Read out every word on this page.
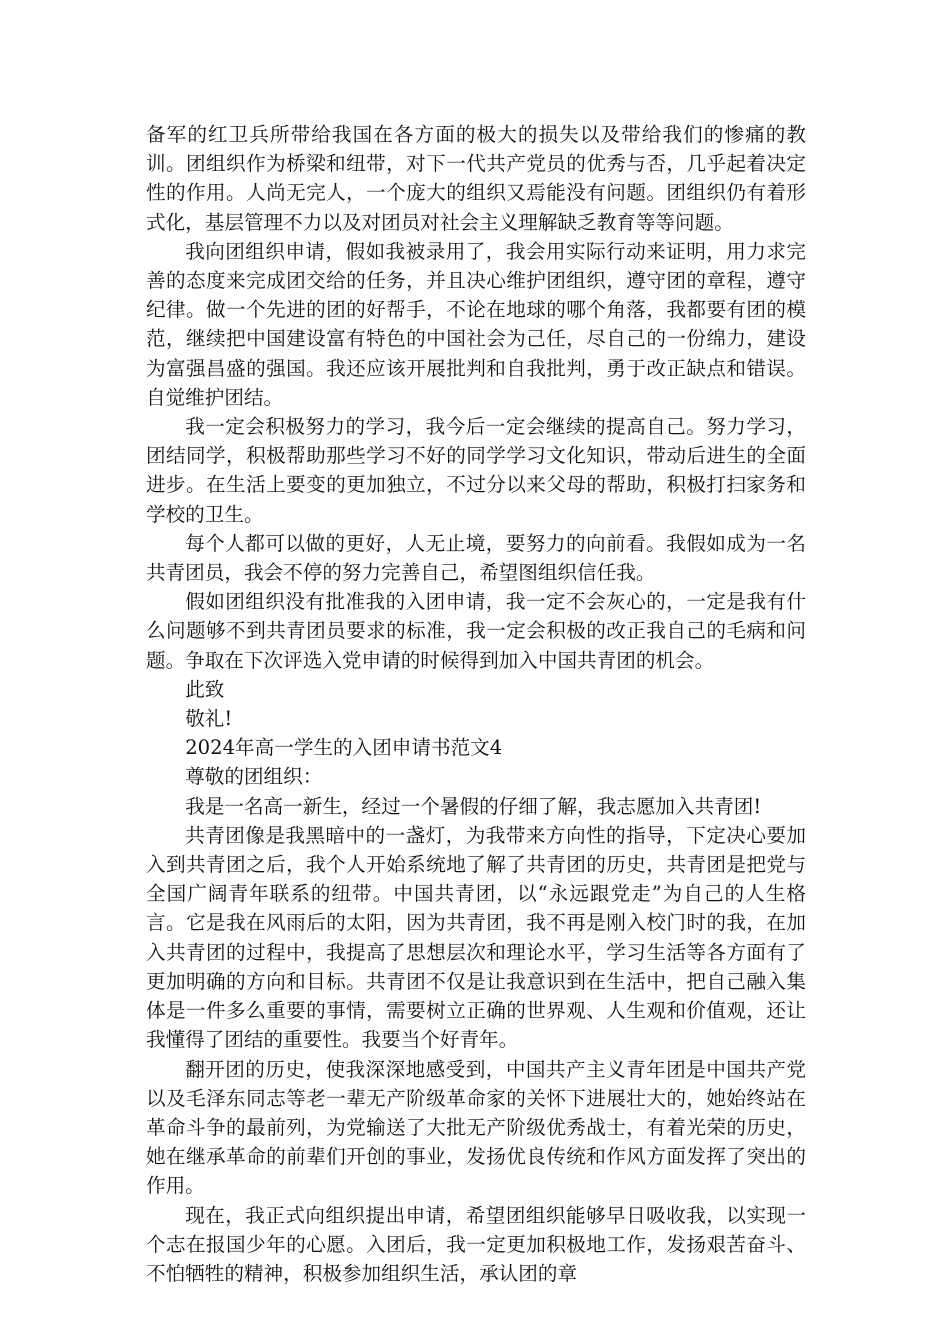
备军的红卫兵所带给我国在各方面的极大的损失以及带给我们的惨痛的教训。团组织作为桥梁和纽带，对下一代共产党员的优秀与否，几乎起着决定性的作用。人尚无完人，一个庞大的组织又焉能没有问题。团组织仍有着形式化，基层管理不力以及对团员对社会主义理解缺乏教育等等问题。

我向团组织申请，假如我被录用了，我会用实际行动来证明，用力求完善的态度来完成团交给的任务，并且决心维护团组织，遵守团的章程，遵守纪律。做一个先进的团的好帮手，不论在地球的哪个角落，我都要有团的模范，继续把中国建设富有特色的中国社会为己任，尽自己的一份绵力，建设为富强昌盛的强国。我还应该开展批判和自我批判，勇于改正缺点和错误。自觉维护团结。

我一定会积极努力的学习，我今后一定会继续的提高自己。努力学习，团结同学，积极帮助那些学习不好的同学学习文化知识，带动后进生的全面进步。在生活上要变的更加独立，不过分以来父母的帮助，积极打扫家务和学校的卫生。

每个人都可以做的更好，人无止境，要努力的向前看。我假如成为一名共青团员，我会不停的努力完善自己，希望图组织信任我。

假如团组织没有批准我的入团申请，我一定不会灰心的，一定是我有什么问题够不到共青团员要求的标准，我一定会积极的改正我自己的毛病和问题。争取在下次评选入党申请的时候得到加入中国共青团的机会。

此致

敬礼!

2024年高一学生的入团申请书范文4

尊敬的团组织：

我是一名高一新生，经过一个暑假的仔细了解，我志愿加入共青团!

共青团像是我黑暗中的一盏灯，为我带来方向性的指导，下定决心要加入到共青团之后，我个人开始系统地了解了共青团的历史，共青团是把党与全国广阔青年联系的纽带。中国共青团，以“永远跟党走”为自己的人生格言。它是我在风雨后的太阳，因为共青团，我不再是刚入校门时的我，在加入共青团的过程中，我提高了思想层次和理论水平，学习生活等各方面有了更加明确的方向和目标。共青团不仅是让我意识到在生活中，把自己融入集体是一件多么重要的事情，需要树立正确的世界观、人生观和价值观，还让我懂得了团结的重要性。我要当个好青年。

翻开团的历史，使我深深地感受到，中国共产主义青年团是中国共产党以及毛泽东同志等老一辈无产阶级革命家的关怀下进展壮大的，她始终站在革命斗争的最前列，为党输送了大批无产阶级优秀战士，有着光荣的历史，她在继承革命的前辈们开创的事业，发扬优良传统和作风方面发挥了突出的作用。

现在，我正式向组织提出申请，希望团组织能够早日吸收我，以实现一个志在报国少年的心愿。入团后，我一定更加积极地工作，发扬艰苦奋斗、不怕牺牲的精神，积极参加组织生活，承认团的章
